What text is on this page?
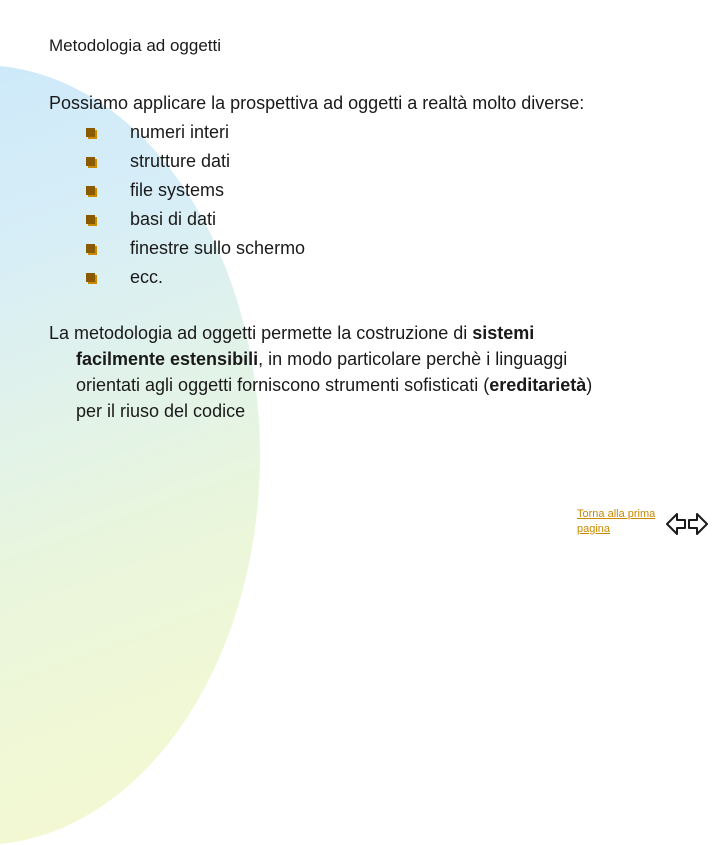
Metodologia ad oggetti
Possiamo applicare la prospettiva ad oggetti a realtà molto diverse:
numeri interi
strutture dati
file systems
basi di dati
finestre sullo schermo
ecc.
La metodologia ad oggetti permette la costruzione di sistemi
facilmente estensibili, in modo particolare perchè i linguaggi
orientati agli oggetti forniscono strumenti sofisticati (ereditarietà)
per il riuso del codice
Torna alla prima
pagina
